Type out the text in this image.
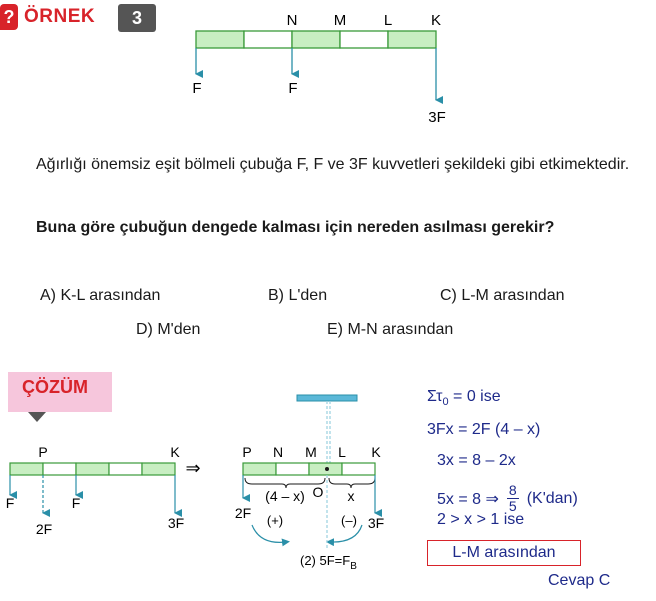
? ÖRNEK	3	N M	L	K
F	F
3F
Ağırlığı önemsiz eşit bölmeli çubuğa F, F ve 3F kuvvetleri şekildeki gibi etkimektedir.
Buna göre çubuğun dengede kalması için nereden asılması gerekir?
A) K-L arasından	B) L'den	C) L-M arasından
D) M'den	E) M-N arasından
ÇÖZÜM
P	K
F	F
3F
2F
⇒
P N M L K
(4 – x) O x
2F (+)	(–) 3F
(2) $5F=F_B$
$\Sigma\tau_0 = 0$ ise
3Fx = 2F (4 – x)
3x = 8 – 2x
5x = 8 ⇒
8
5 (K'dan)
2 > x > 1 ise
L-M arasından
Cevap C
